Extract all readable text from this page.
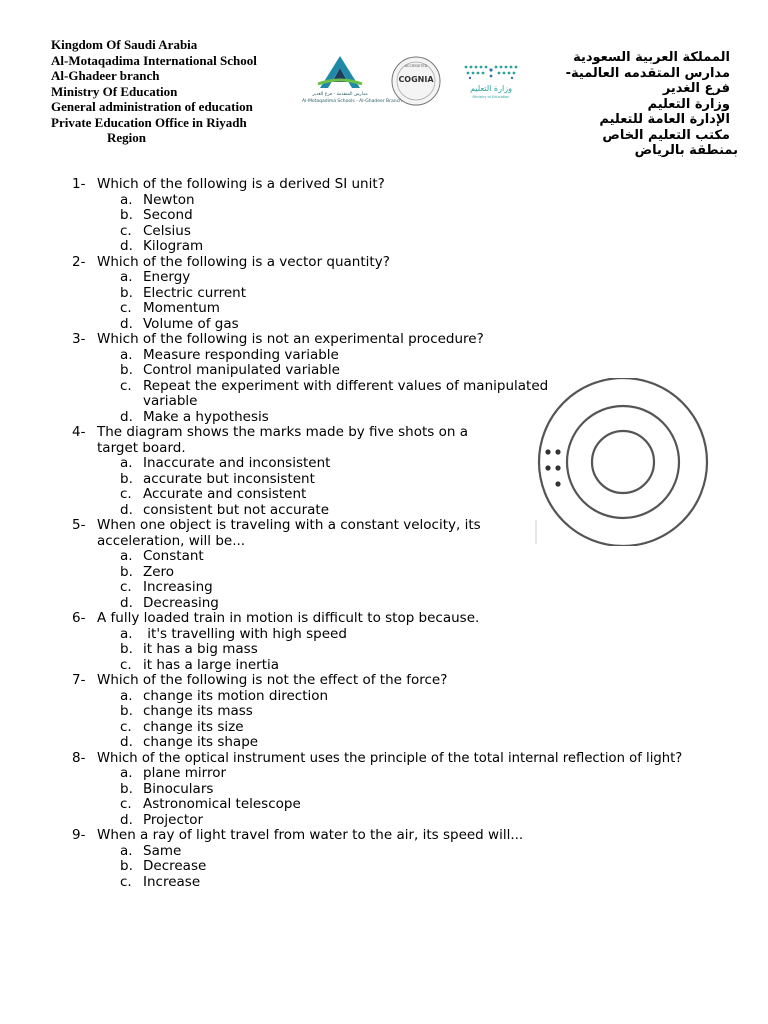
Kingdom Of Saudi Arabia
Al-Motaqadima International School
Al-Ghadeer branch
Ministry Of Education
General administration of education
Private Education Office in Riyadh
Region
مدارس المتقدمة - فرع الغدير
Al-Motaqadima Schools - Al-Ghadeer Branch
ACCREDITED
COGNIA
وزارة التعليم
Ministry of Education
المملكة العربية السعودية
مدارس المتقدمه العالمية-
فرع الغدير
وزارة التعليم
الإدارة العامة للتعليم
مكتب التعليم الخاص
بمنطقة بالرياض
1- Which of the following is a derived SI unit?
a. Newton
b. Second
c. Celsius
d. Kilogram
2- Which of the following is a vector quantity?
a. Energy
b. Electric current
c. Momentum
d. Volume of gas
3- Which of the following is not an experimental procedure?
a. Measure responding variable
b. Control manipulated variable
c. Repeat the experiment with different values of manipulated variable
d. Make a hypothesis
4- The diagram shows the marks made by five shots on a target board.
a. Inaccurate and inconsistent
b. accurate but inconsistent
c. Accurate and consistent
d. consistent but not accurate
5- When one object is traveling with a constant velocity, its acceleration, will be...
a. Constant
b. Zero
c. Increasing
d. Decreasing
6- A fully loaded train in motion is difficult to stop because.
a. it's travelling with high speed
b. it has a big mass
c. it has a large inertia
7- Which of the following is not the effect of the force?
a. change its motion direction
b. change its mass
c. change its size
d. change its shape
8- Which of the optical instrument uses the principle of the total internal reflection of light?
a. plane mirror
b. Binoculars
c. Astronomical telescope
d. Projector
9- When a ray of light travel from water to the air, its speed will...
a. Same
b. Decrease
c. Increase
